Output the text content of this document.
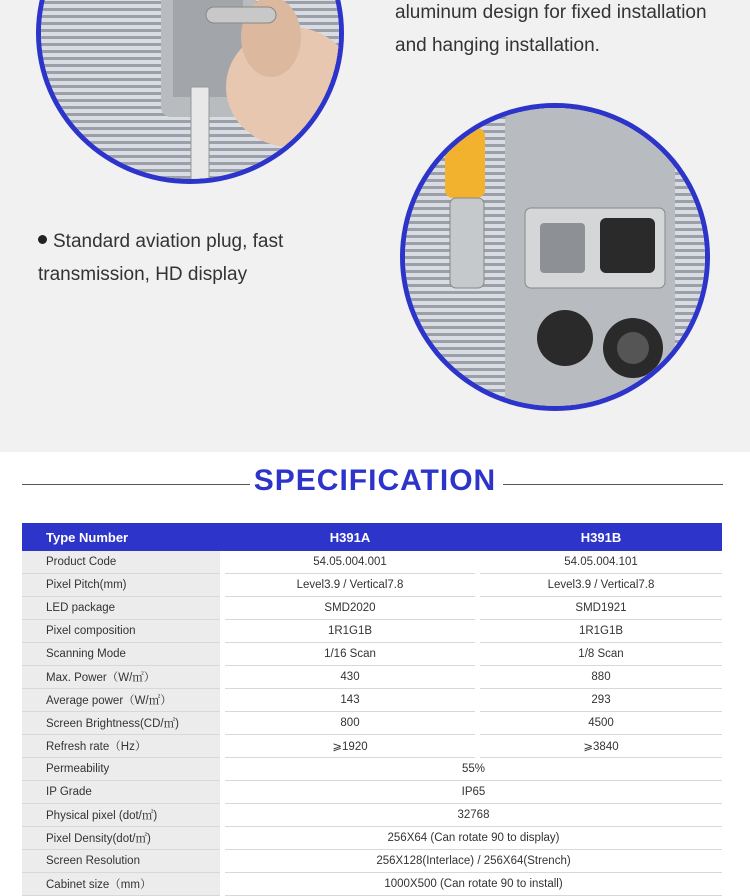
aluminum design for fixed installation and hanging installation.
Standard aviation plug, fast transmission, HD display
SPECIFICATION
Type Number		H391A		H391B
Product Code		54.05.004.001		54.05.004.101
Pixel Pitch(mm)		Level3.9 / Vertical7.8		Level3.9 / Vertical7.8
LED package		SMD2020		SMD1921
Pixel composition		1R1G1B		1R1G1B
Scanning Mode		1/16 Scan		1/8 Scan
Max. Power（W/㎡）		430		880
Average power（W/㎡）		143		293
Screen Brightness(CD/㎡)		800		4500
Refresh rate（Hz）		⩾1920		⩾3840
Permeability		55%		
IP Grade		IP65		
Physical pixel (dot/㎡)		32768		
Pixel Density(dot/㎡)		256X64 (Can rotate 90 to display)		
Screen Resolution		256X128(Interlace) / 256X64(Strench)		
Cabinet size（mm）		1000X500 (Can rotate 90 to install)		
